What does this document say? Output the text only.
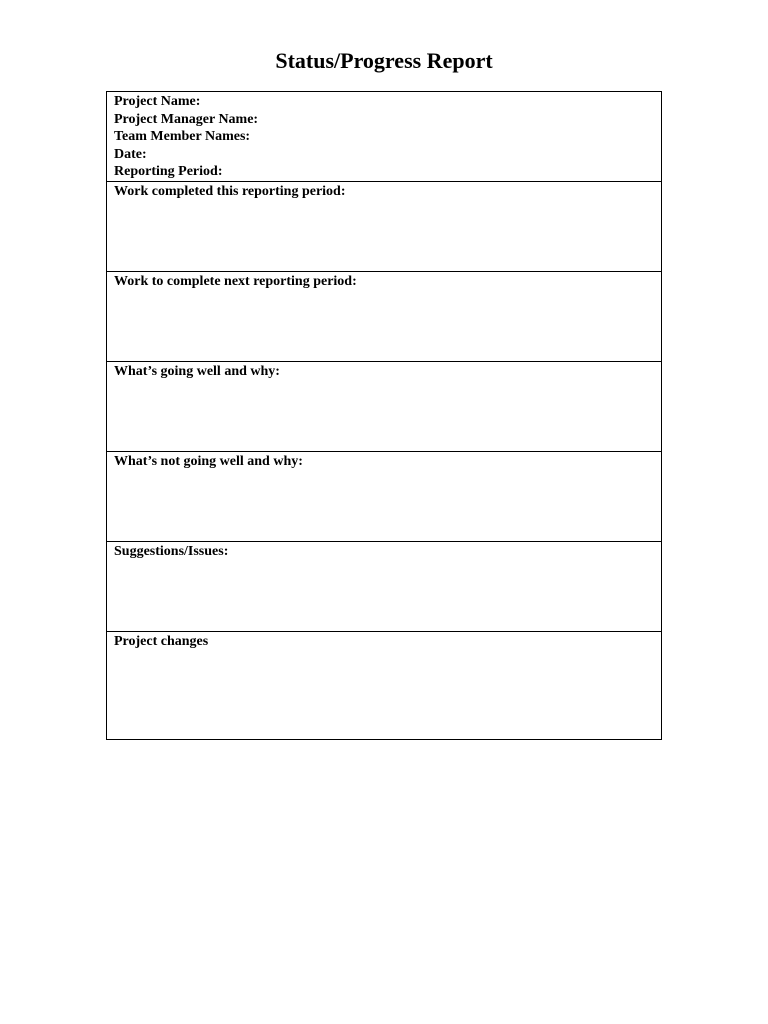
Status/Progress Report
Project Name:
Project Manager Name:
Team Member Names:
Date:
Reporting Period:
Work completed this reporting period:
Work to complete next reporting period:
What’s going well and why:
What’s not going well and why:
Suggestions/Issues:
Project changes
